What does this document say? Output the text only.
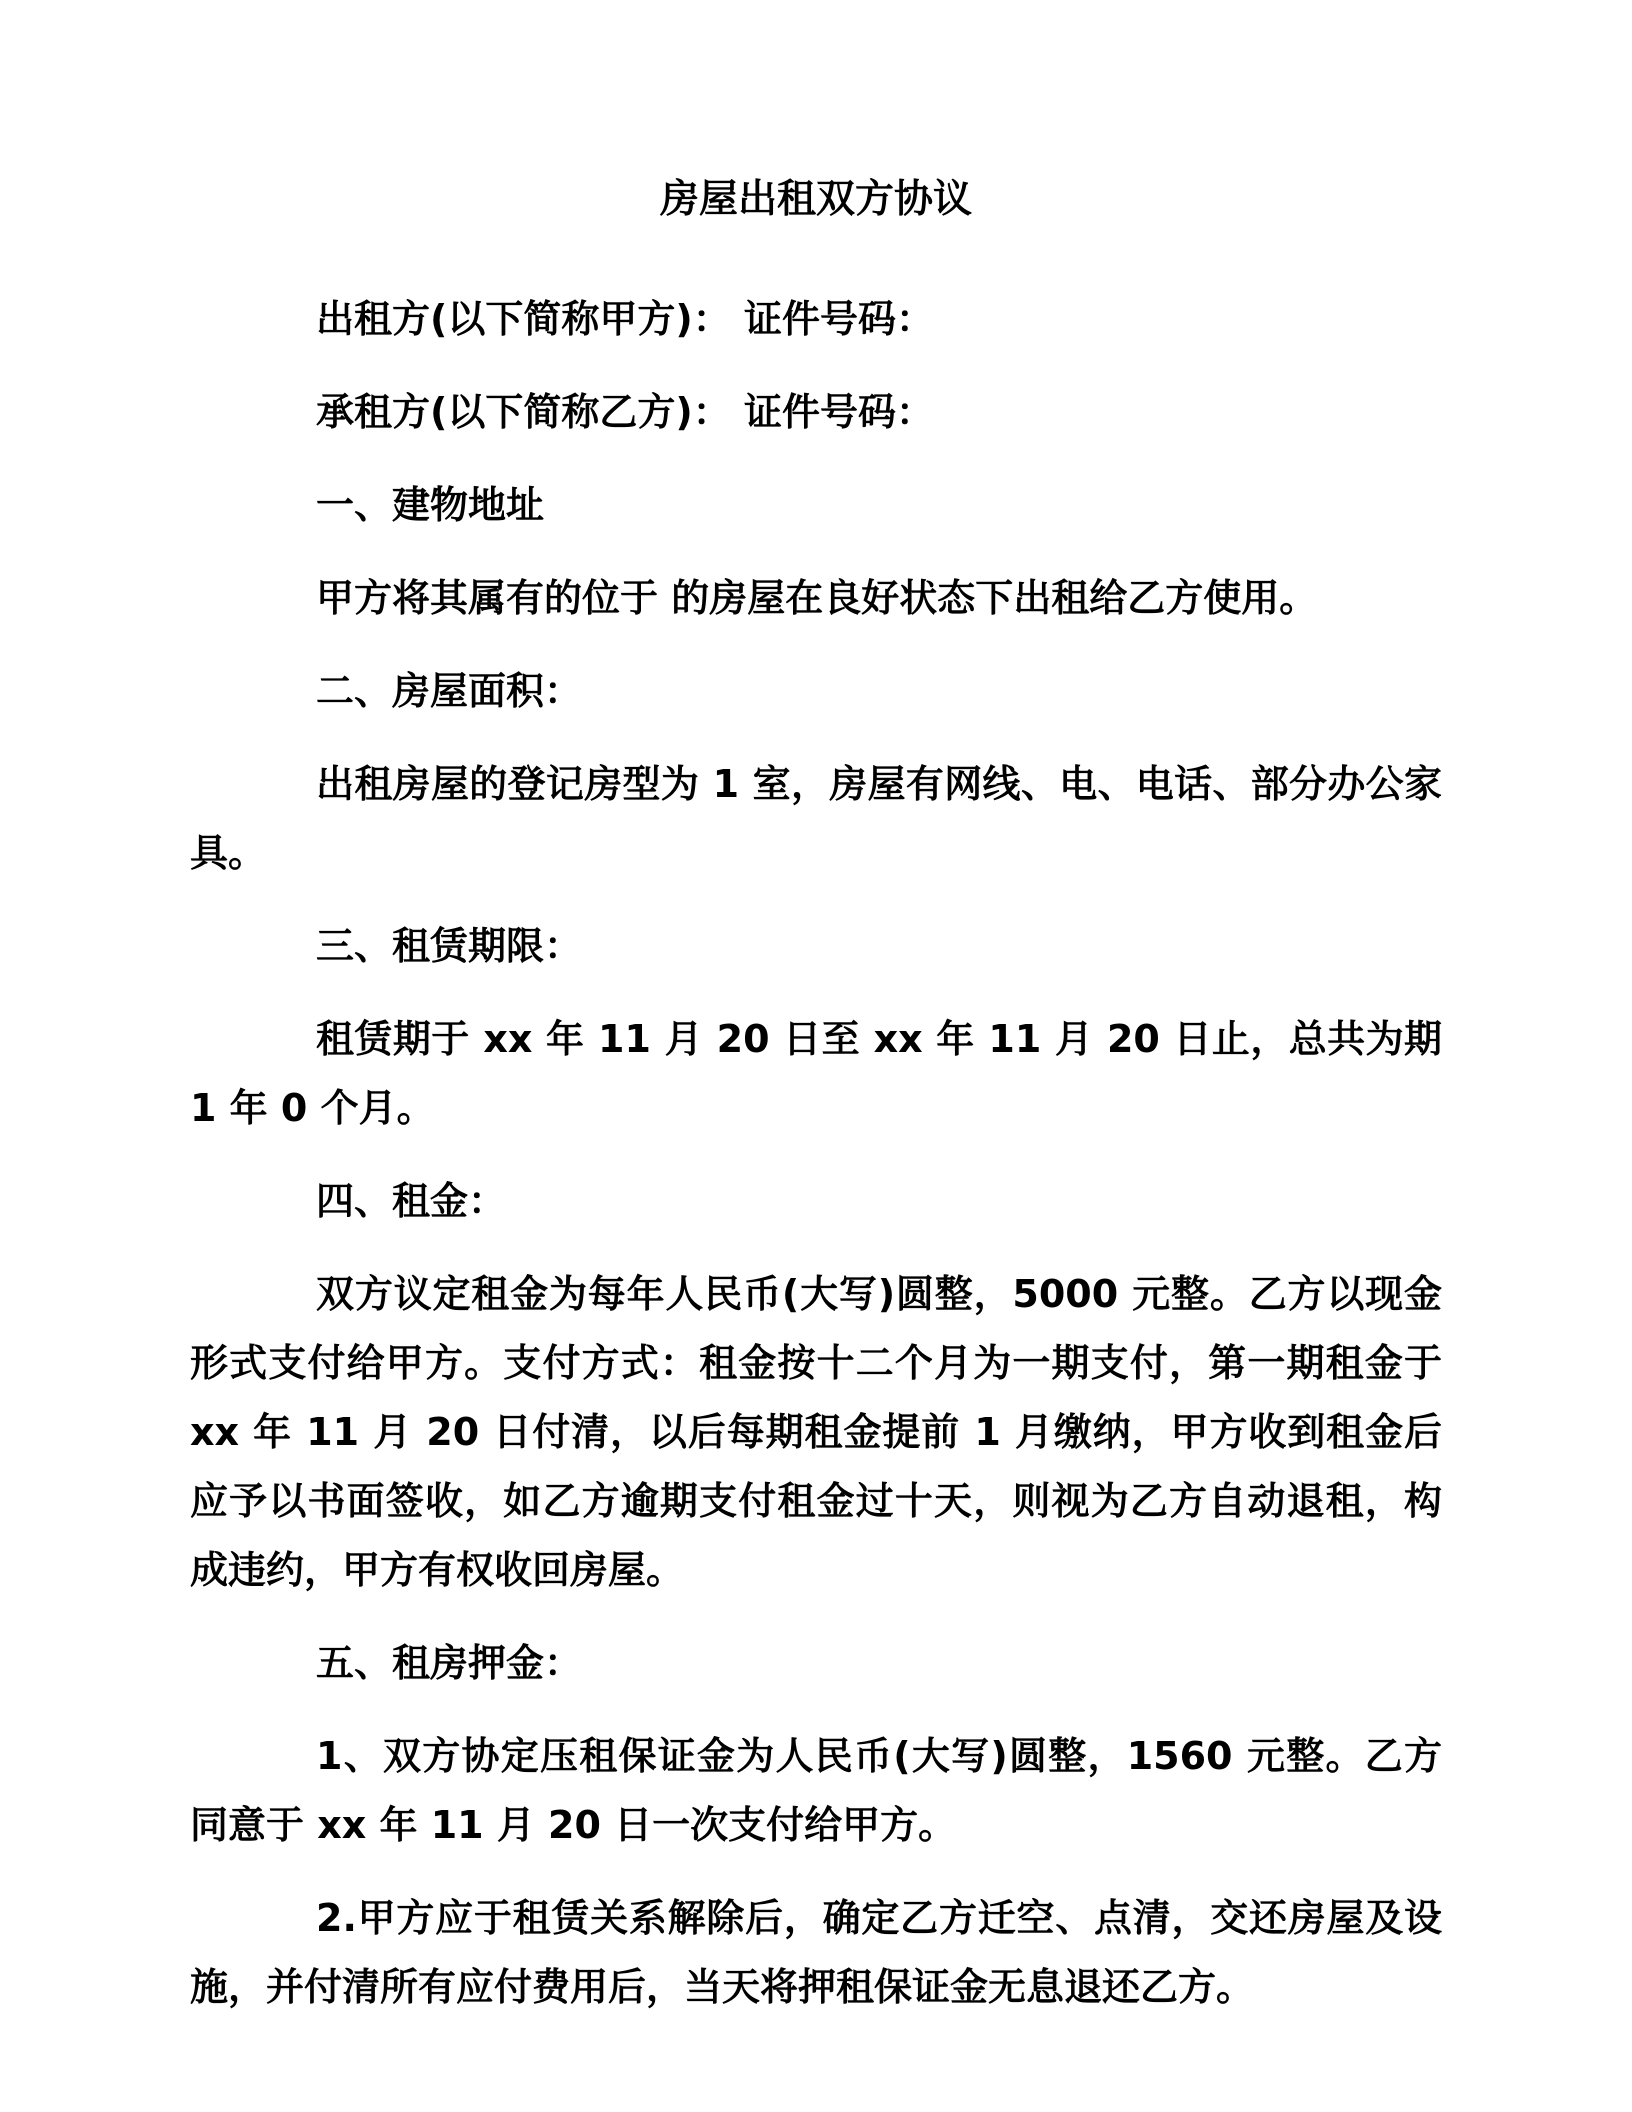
房屋出租双方协议

出租方(以下简称甲方)： 证件号码：

承租方(以下简称乙方)： 证件号码：

一、建物地址

甲方将其属有的位于 的房屋在良好状态下出租给乙方使用。

二、房屋面积：

出租房屋的登记房型为 1 室，房屋有网线、电、电话、部分办公家具。

三、租赁期限：

租赁期于 xx 年 11 月 20 日至 xx 年 11 月 20 日止，总共为期 1 年 0 个月。

四、租金：

双方议定租金为每年人民币(大写)圆整，5000 元整。乙方以现金形式支付给甲方。支付方式：租金按十二个月为一期支付，第一期租金于 xx 年 11 月 20 日付清，以后每期租金提前 1 月缴纳，甲方收到租金后应予以书面签收，如乙方逾期支付租金过十天，则视为乙方自动退租，构成违约，甲方有权收回房屋。

五、租房押金：

1、双方协定压租保证金为人民币(大写)圆整，1560 元整。乙方同意于 xx 年 11 月 20 日一次支付给甲方。

2.甲方应于租赁关系解除后，确定乙方迁空、点清，交还房屋及设施，并付清所有应付费用后，当天将押租保证金无息退还乙方。
